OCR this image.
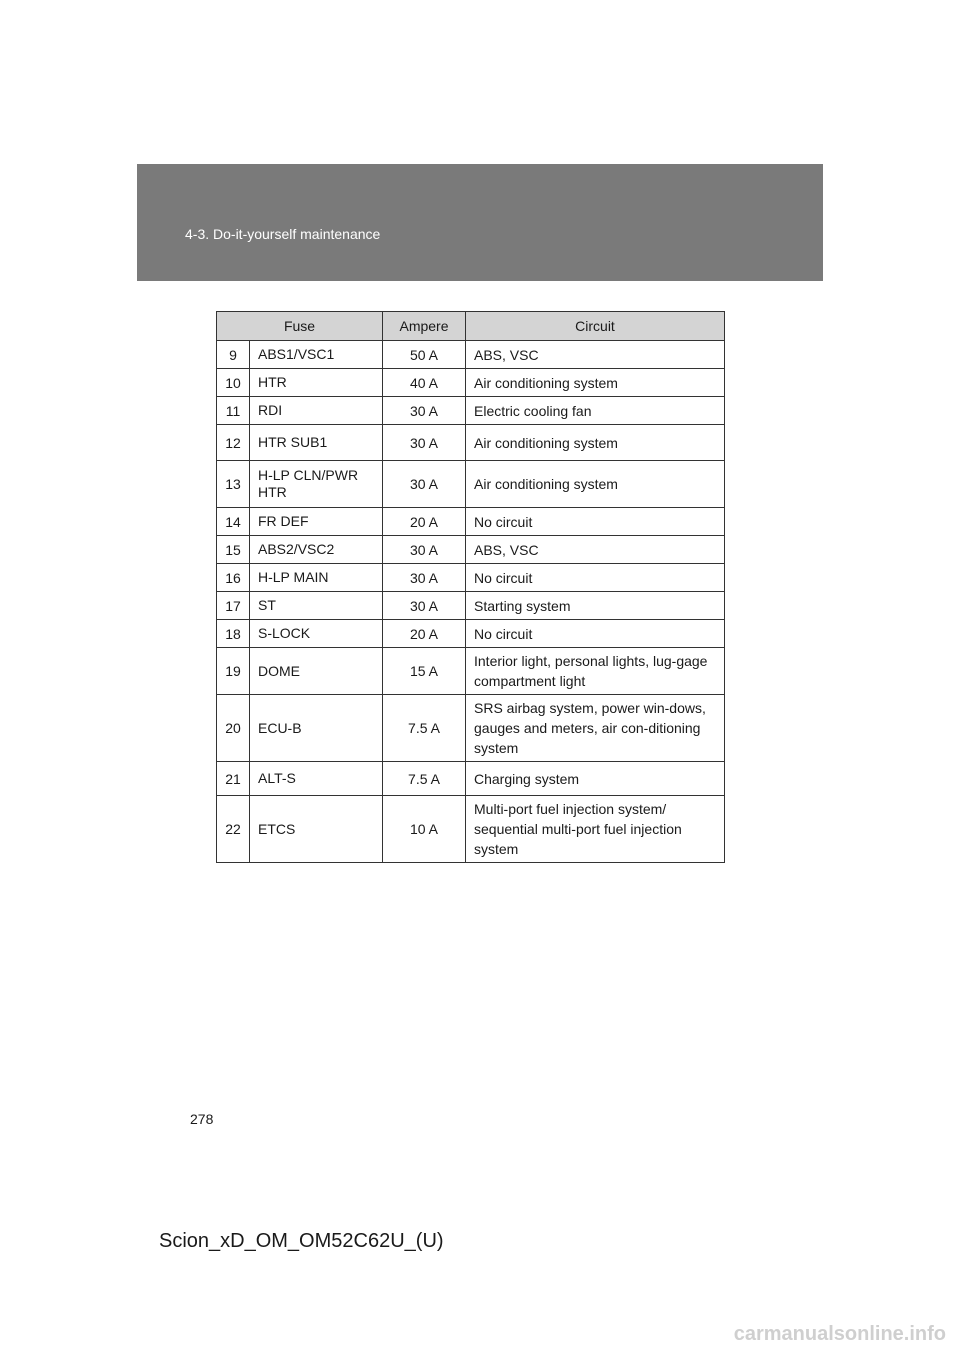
4-3. Do-it-yourself maintenance
Fuse		Ampere	Circuit
9	ABS1/VSC1	50 A	ABS, VSC
10	HTR	40 A	Air conditioning system
11	RDI	30 A	Electric cooling fan
12	HTR SUB1	30 A	Air conditioning system
13	H-LP CLN/PWR HTR	30 A	Air conditioning system
14	FR DEF	20 A	No circuit
15	ABS2/VSC2	30 A	ABS, VSC
16	H-LP MAIN	30 A	No circuit
17	ST	30 A	Starting system
18	S-LOCK	20 A	No circuit
19	DOME	15 A	Interior light, personal lights, lug-gage compartment light
20	ECU-B	7.5 A	SRS airbag system, power win-dows, gauges and meters, air con-ditioning system
21	ALT-S	7.5 A	Charging system
22	ETCS	10 A	Multi-port fuel injection system/ sequential multi-port fuel injection system
278
Scion_xD_OM_OM52C62U_(U)
carmanualsonline.info
